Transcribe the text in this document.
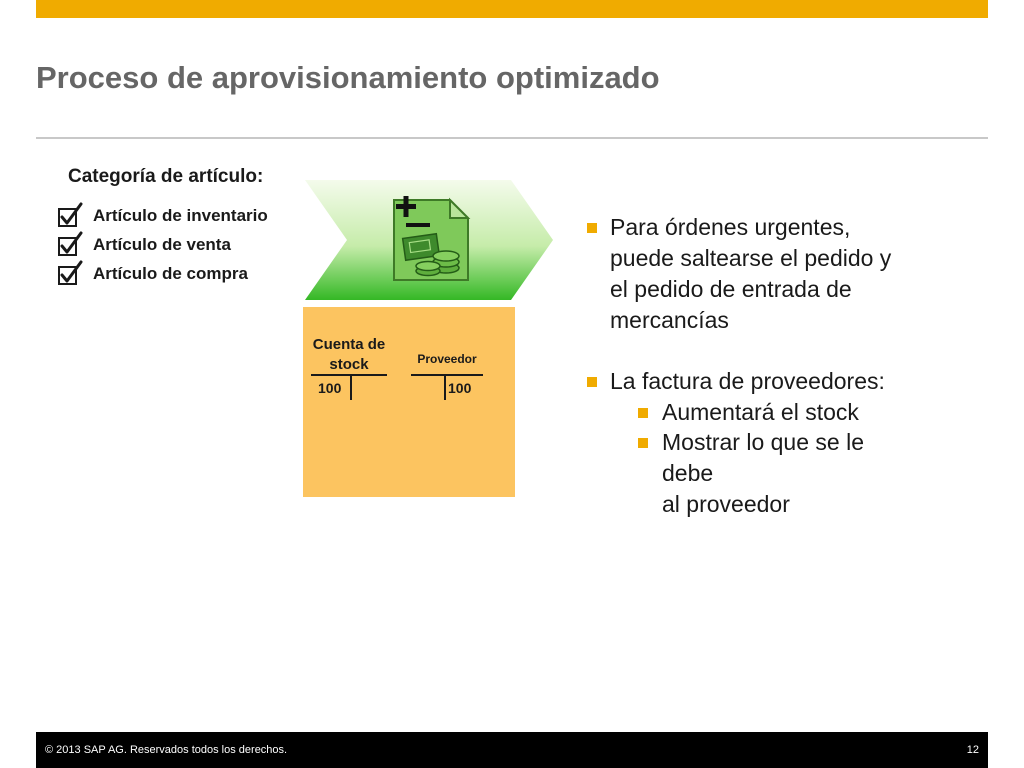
Proceso de aprovisionamiento optimizado
Categoría de artículo:
Artículo de inventario
Artículo de venta
Artículo de compra
Cuenta de
stock
100
Proveedor
100
Para órdenes urgentes,
puede saltearse el pedido y
el pedido de entrada de
mercancías
La factura de proveedores:
Aumentará el stock
Mostrar lo que se le
debe
al proveedor
© 2013 SAP AG. Reservados todos los derechos.	12
